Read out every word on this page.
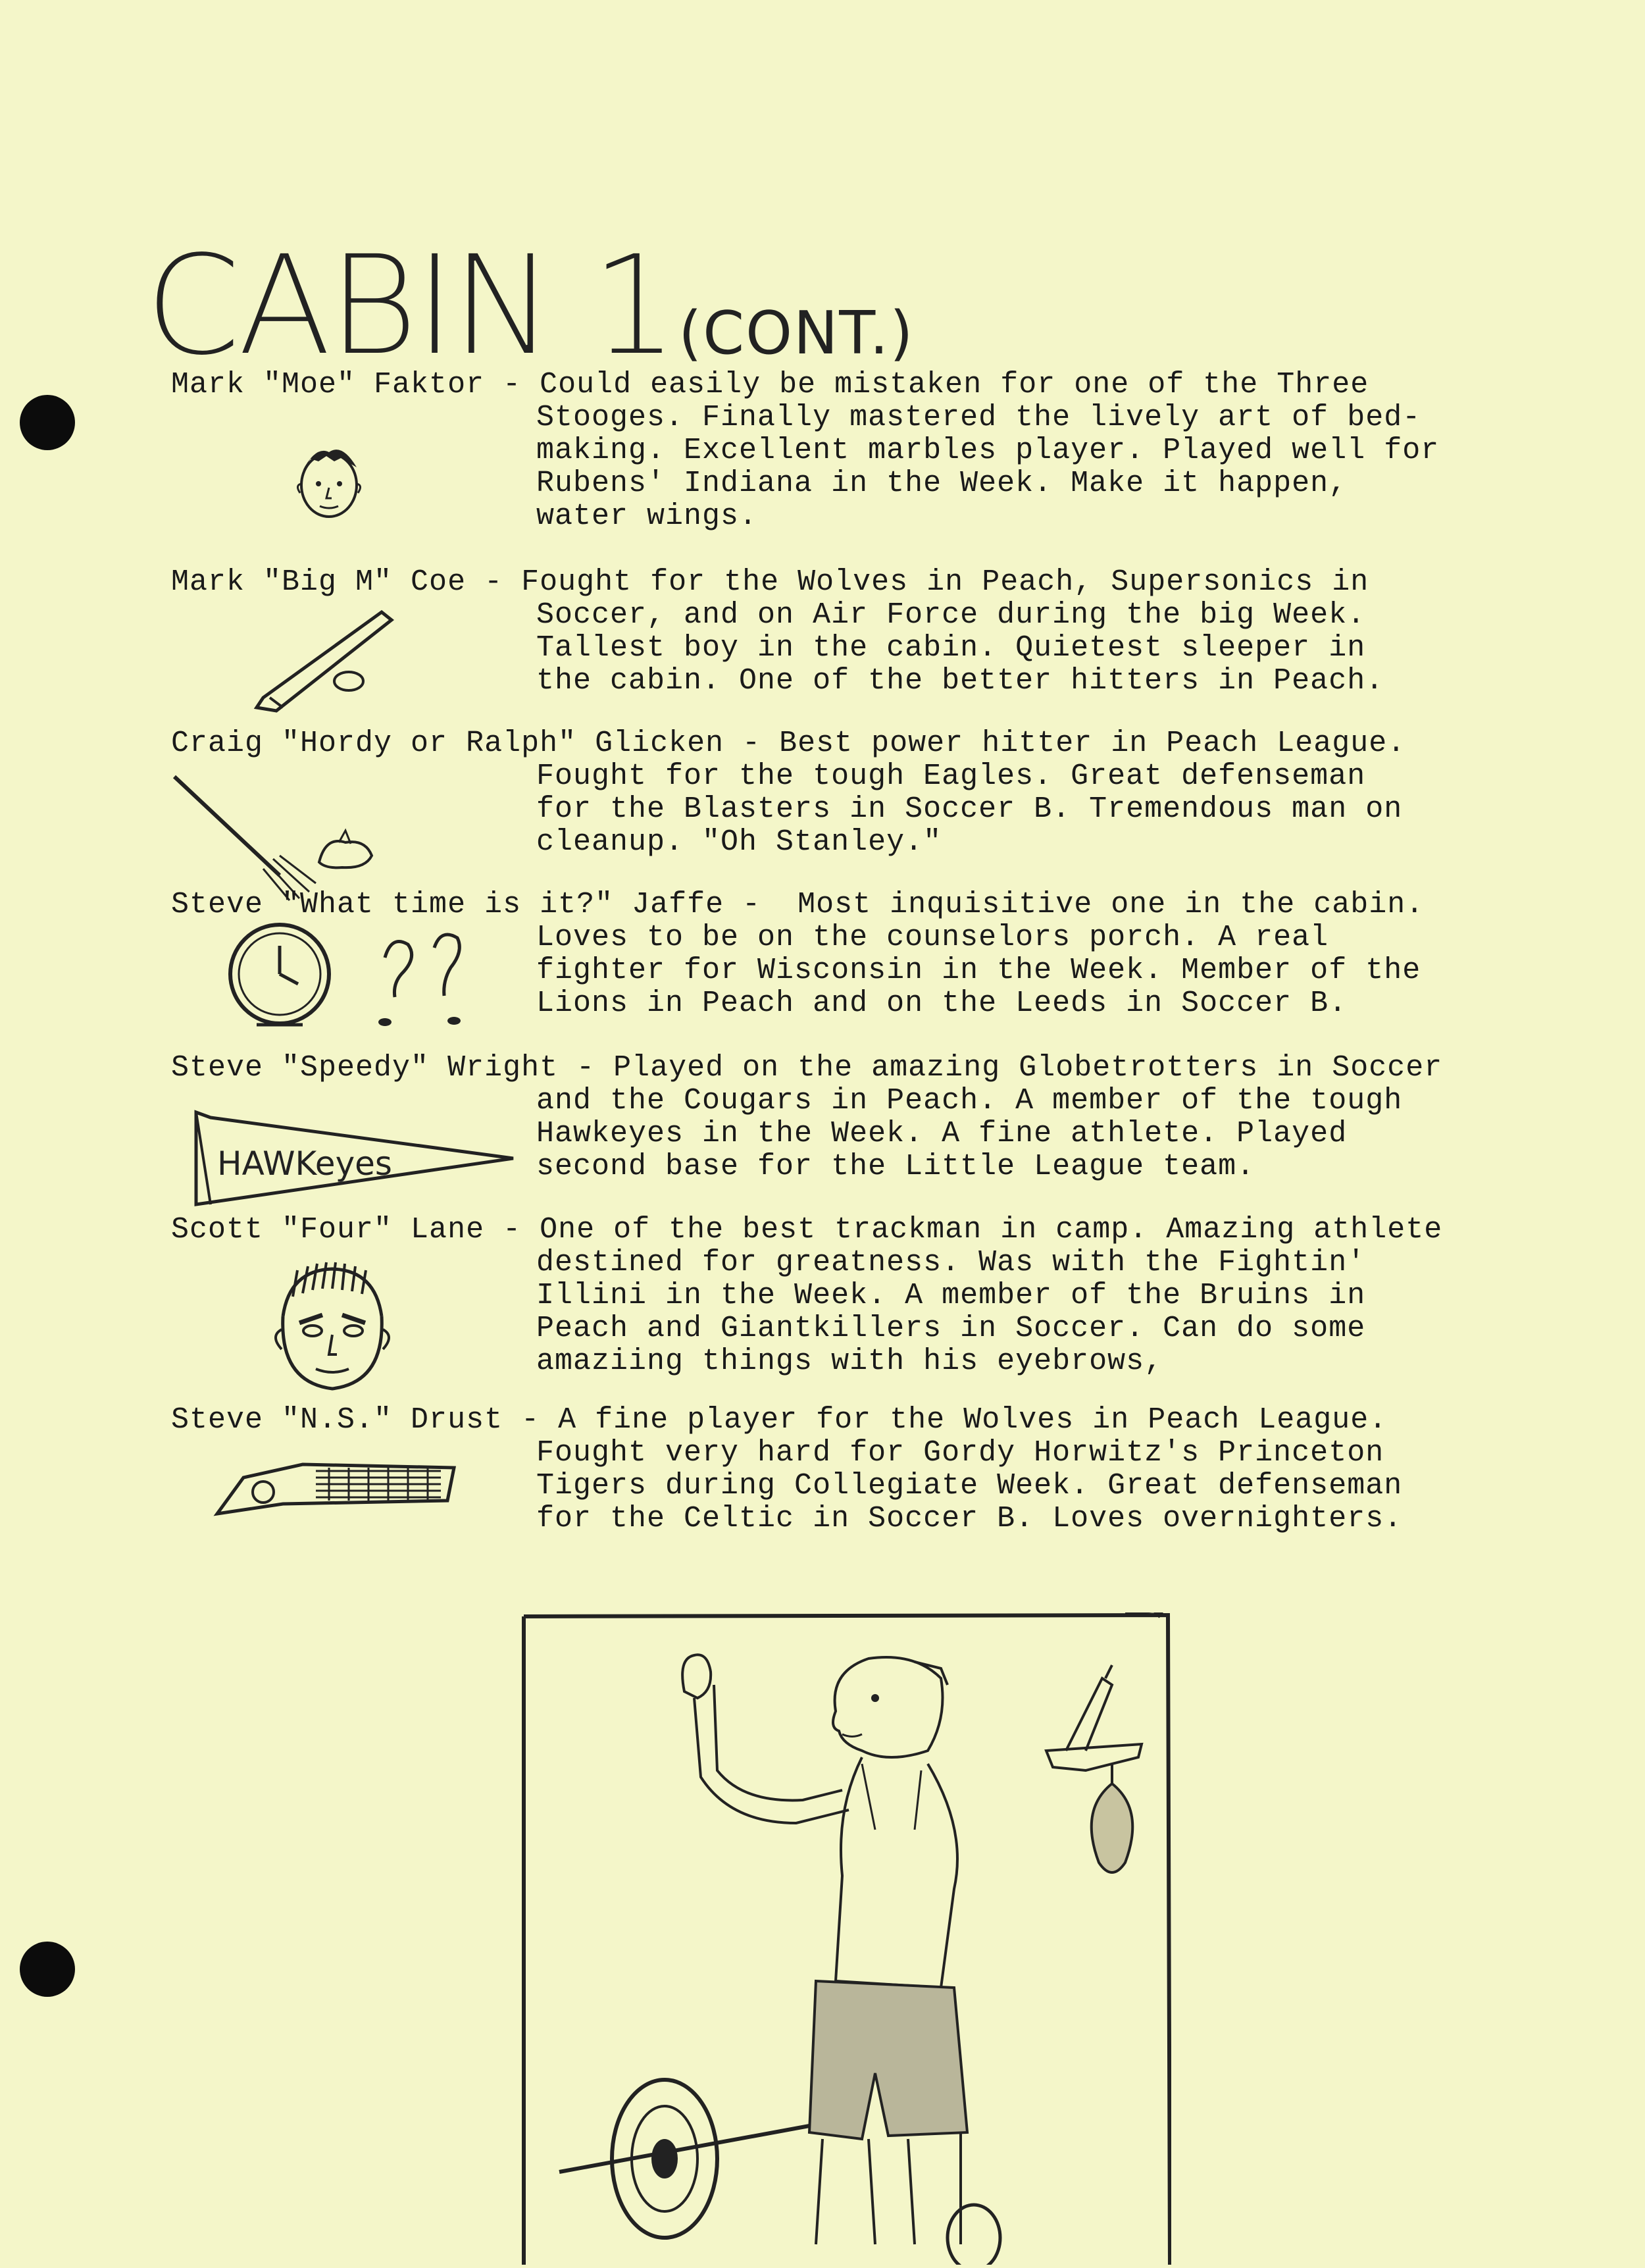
CABIN 1(CONT.)
Mark "Moe" Faktor - Could easily be mistaken for one of the Three
Stooges. Finally mastered the lively art of bed-
making. Excellent marbles player. Played well for
Rubens' Indiana in the Week. Make it happen,
water wings.
Mark "Big M" Coe - Fought for the Wolves in Peach, Supersonics in
Soccer, and on Air Force during the big Week.
Tallest boy in the cabin. Quietest sleeper in
the cabin. One of the better hitters in Peach.
Craig "Hordy or Ralph" Glicken - Best power hitter in Peach League.
Fought for the tough Eagles. Great defenseman
for the Blasters in Soccer B. Tremendous man on
cleanup. "Oh Stanley."
Steve "What time is it?" Jaffe -  Most inquisitive one in the cabin.
Loves to be on the counselors porch. A real
fighter for Wisconsin in the Week. Member of the
Lions in Peach and on the Leeds in Soccer B.
Steve "Speedy" Wright - Played on the amazing Globetrotters in Soccer
and the Cougars in Peach. A member of the tough
Hawkeyes in the Week. A fine athlete. Played
second base for the Little League team.
HAWKeyes
Scott "Four" Lane - One of the best trackman in camp. Amazing athlete
destined for greatness. Was with the Fightin'
Illini in the Week. A member of the Bruins in
Peach and Giantkillers in Soccer. Can do some
amaziing things with his eyebrows,
Steve "N.S." Drust - A fine player for the Wolves in Peach League.
Fought very hard for Gordy Horwitz's Princeton
Tigers during Collegiate Week. Great defenseman
for the Celtic in Soccer B. Loves overnighters.
